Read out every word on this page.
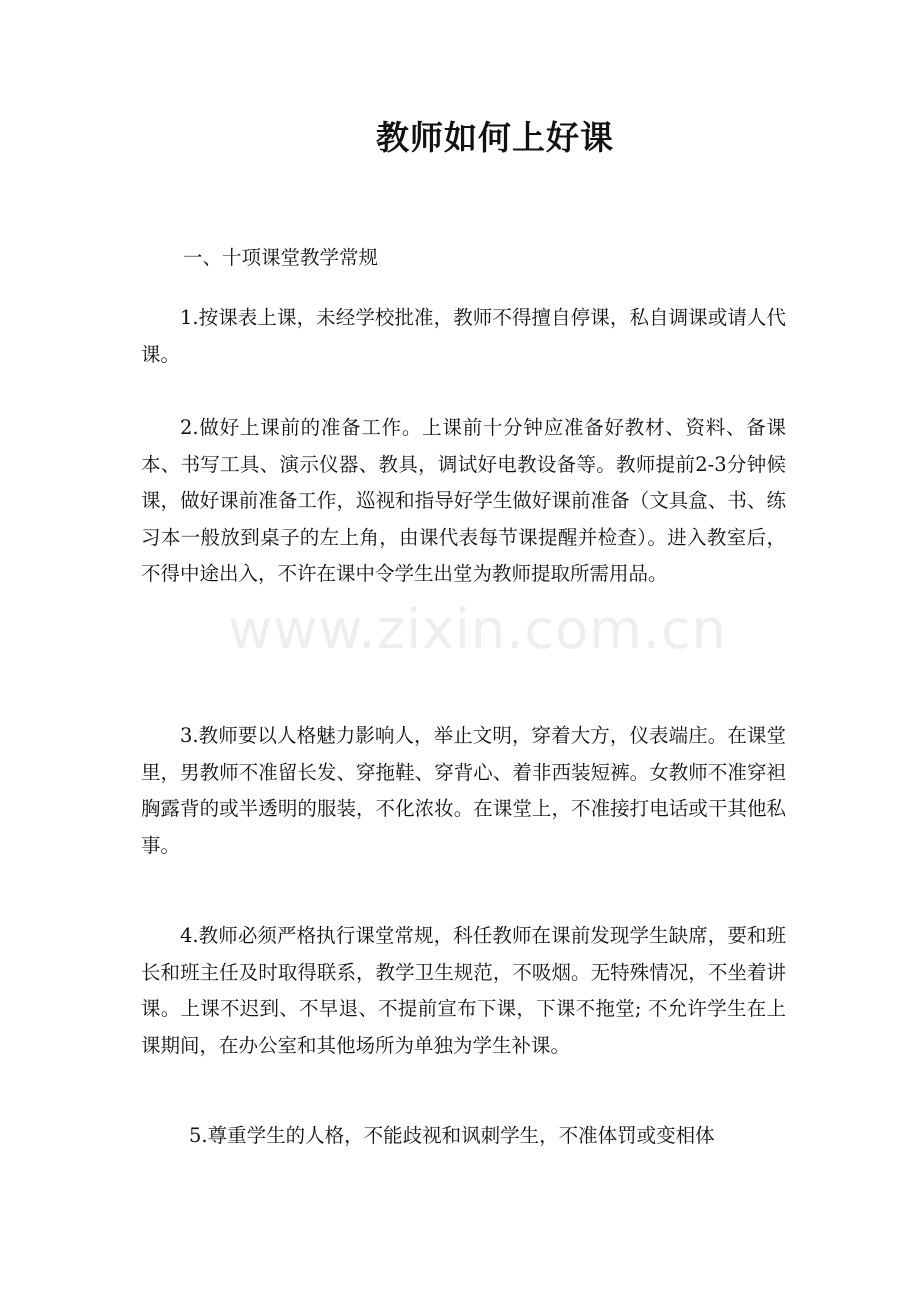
教师如何上好课

一、十项课堂教学常规

1.按课表上课，未经学校批准，教师不得擅自停课，私自调课或请人代课。

2.做好上课前的准备工作。上课前十分钟应准备好教材、资料、备课本、书写工具、演示仪器、教具，调试好电教设备等。教师提前2-3分钟候课，做好课前准备工作，巡视和指导好学生做好课前准备（文具盒、书、练习本一般放到桌子的左上角，由课代表每节课提醒并检查）。进入教室后，不得中途出入，不许在课中令学生出堂为教师提取所需用品。

3.教师要以人格魅力影响人，举止文明，穿着大方，仪表端庄。在课堂里，男教师不准留长发、穿拖鞋、穿背心、着非西装短裤。女教师不准穿袒胸露背的或半透明的服装，不化浓妆。在课堂上，不准接打电话或干其他私事。

4.教师必须严格执行课堂常规，科任教师在课前发现学生缺席，要和班长和班主任及时取得联系，教学卫生规范，不吸烟。无特殊情况，不坐着讲课。上课不迟到、不早退、不提前宣布下课，下课不拖堂; 不允许学生在上课期间，在办公室和其他场所为单独为学生补课。

5.尊重学生的人格，不能歧视和讽刺学生，不准体罚或变相体

www.zixin.com.cn
